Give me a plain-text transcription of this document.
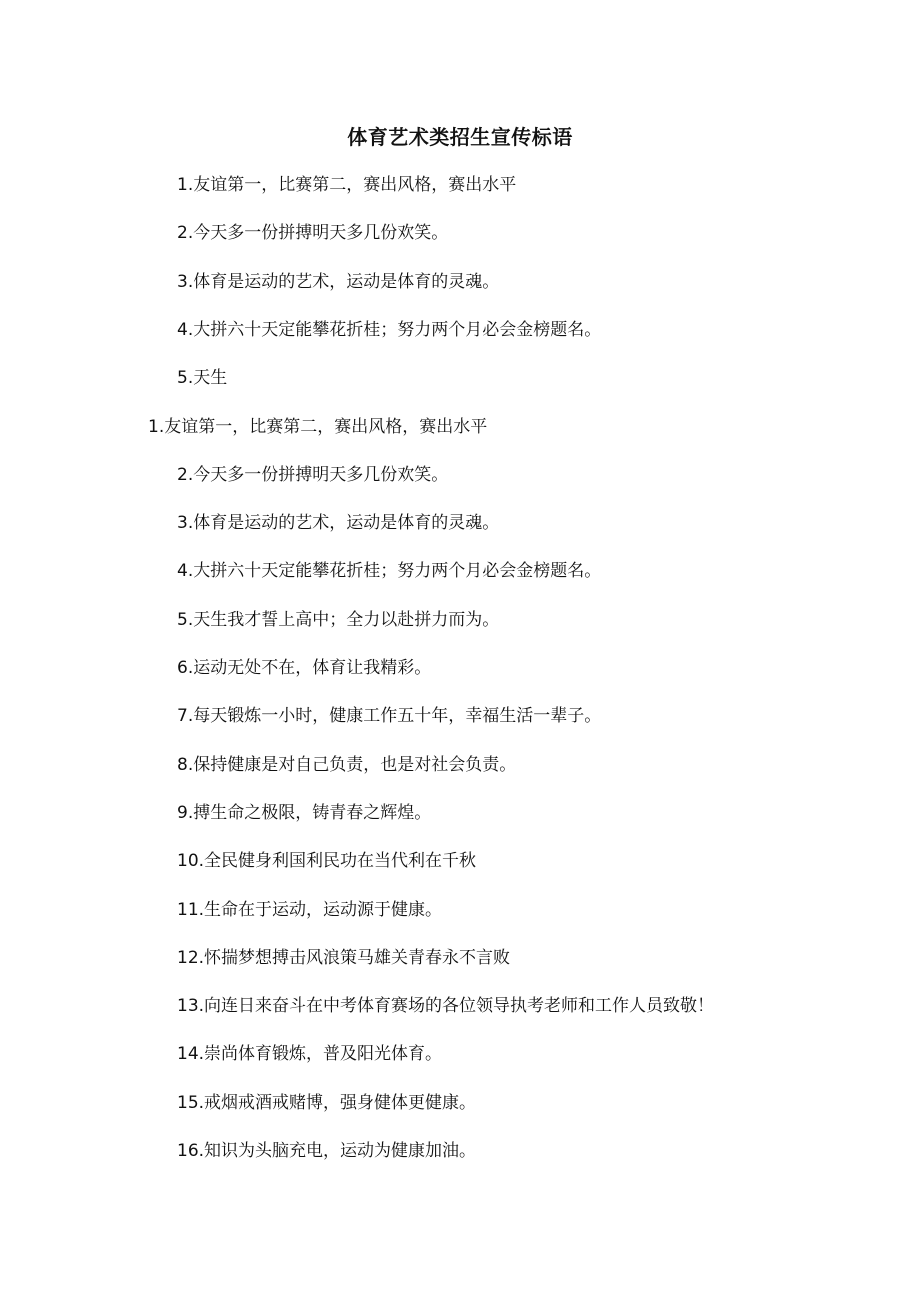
体育艺术类招生宣传标语
1.友谊第一，比赛第二，赛出风格，赛出水平
2.今天多一份拼搏明天多几份欢笑。
3.体育是运动的艺术，运动是体育的灵魂。
4.大拼六十天定能攀花折桂；努力两个月必会金榜题名。
5.天生
1.友谊第一，比赛第二，赛出风格，赛出水平
2.今天多一份拼搏明天多几份欢笑。
3.体育是运动的艺术，运动是体育的灵魂。
4.大拼六十天定能攀花折桂；努力两个月必会金榜题名。
5.天生我才誓上高中；全力以赴拼力而为。
6.运动无处不在，体育让我精彩。
7.每天锻炼一小时，健康工作五十年，幸福生活一辈子。
8.保持健康是对自己负责，也是对社会负责。
9.搏生命之极限，铸青春之辉煌。
10.全民健身利国利民功在当代利在千秋
11.生命在于运动，运动源于健康。
12.怀揣梦想搏击风浪策马雄关青春永不言败
13.向连日来奋斗在中考体育赛场的各位领导执考老师和工作人员致敬！
14.崇尚体育锻炼，普及阳光体育。
15.戒烟戒酒戒赌博，强身健体更健康。
16.知识为头脑充电，运动为健康加油。
